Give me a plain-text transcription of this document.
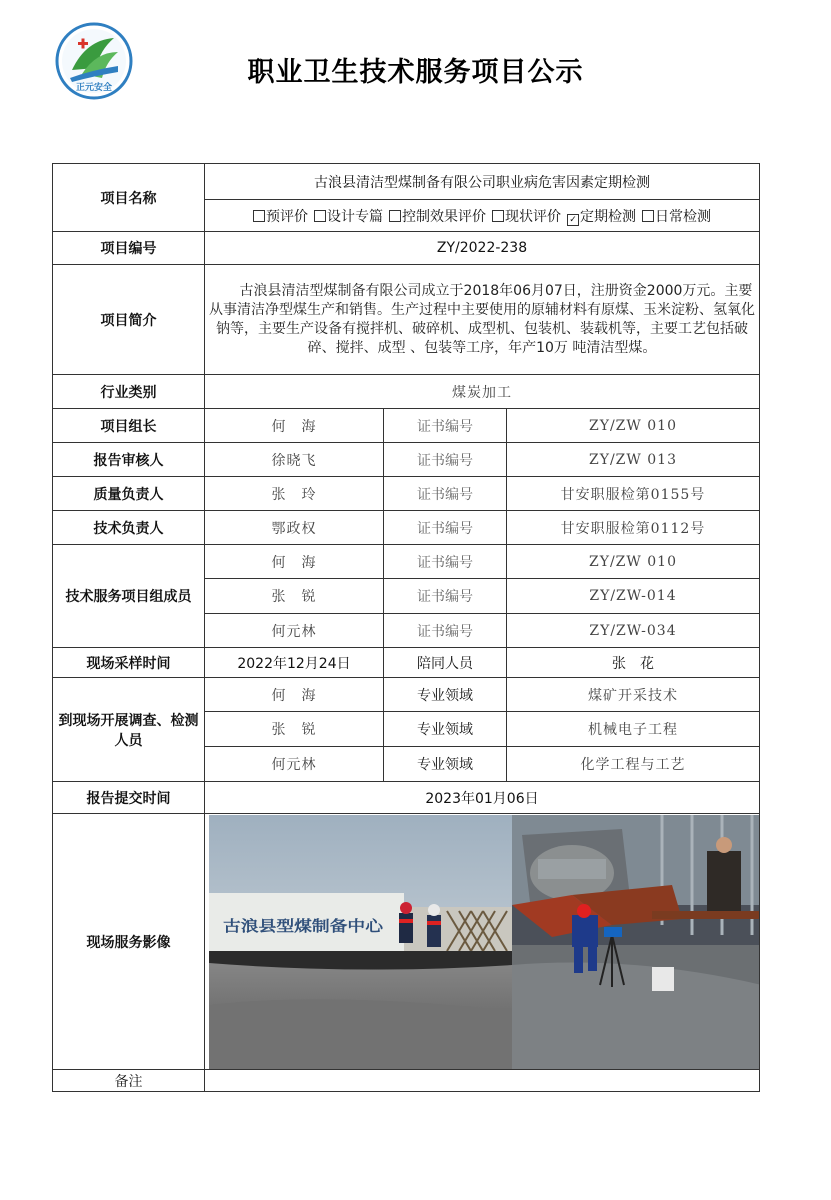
正元安全	职业卫生技术服务项目公示
项目名称	古浪县清洁型煤制备有限公司职业病危害因素定期检测		

	预评价 设计专篇 控制效果评价 现状评价 ✓ 定期检测 日常检测		

项目编号	ZY/2022-238		
项目简介	古浪县清洁型煤制备有限公司成立于2018年06月07日，注册资金2000万元。主要从事清洁净型煤生产和销售。生产过程中主要使用的原辅材料有原煤、玉米淀粉、氢氧化钠等，主要生产设备有搅拌机、破碎机、成型机、包装机、装载机等，主要工艺包括破碎、搅拌、成型 、包装等工序，年产10万 吨清洁型煤。		
行业类别	煤炭加工		
项目组长	何　海	证书编号	ZY/ZW 010
报告审核人	徐晓飞	证书编号	ZY/ZW 013
质量负责人	张　玲	证书编号	甘安职服检第0155号
技术负责人	鄂政权	证书编号	甘安职服检第0112号
技术服务项目组成员	何　海	证书编号	ZY/ZW 010
	张　锐	证书编号	ZY/ZW-014
	何元林	证书编号	ZY/ZW-034
现场采样时间	2022年12月24日	陪同人员	张　花
到现场开展调查、检测人员	何　海	专业领域	煤矿开采技术
	张　锐	专业领域	机械电子工程
	何元林	专业领域	化学工程与工艺
报告提交时间	2023年01月06日		
现场服务影像	古浪县型煤制备中心		

备注			
